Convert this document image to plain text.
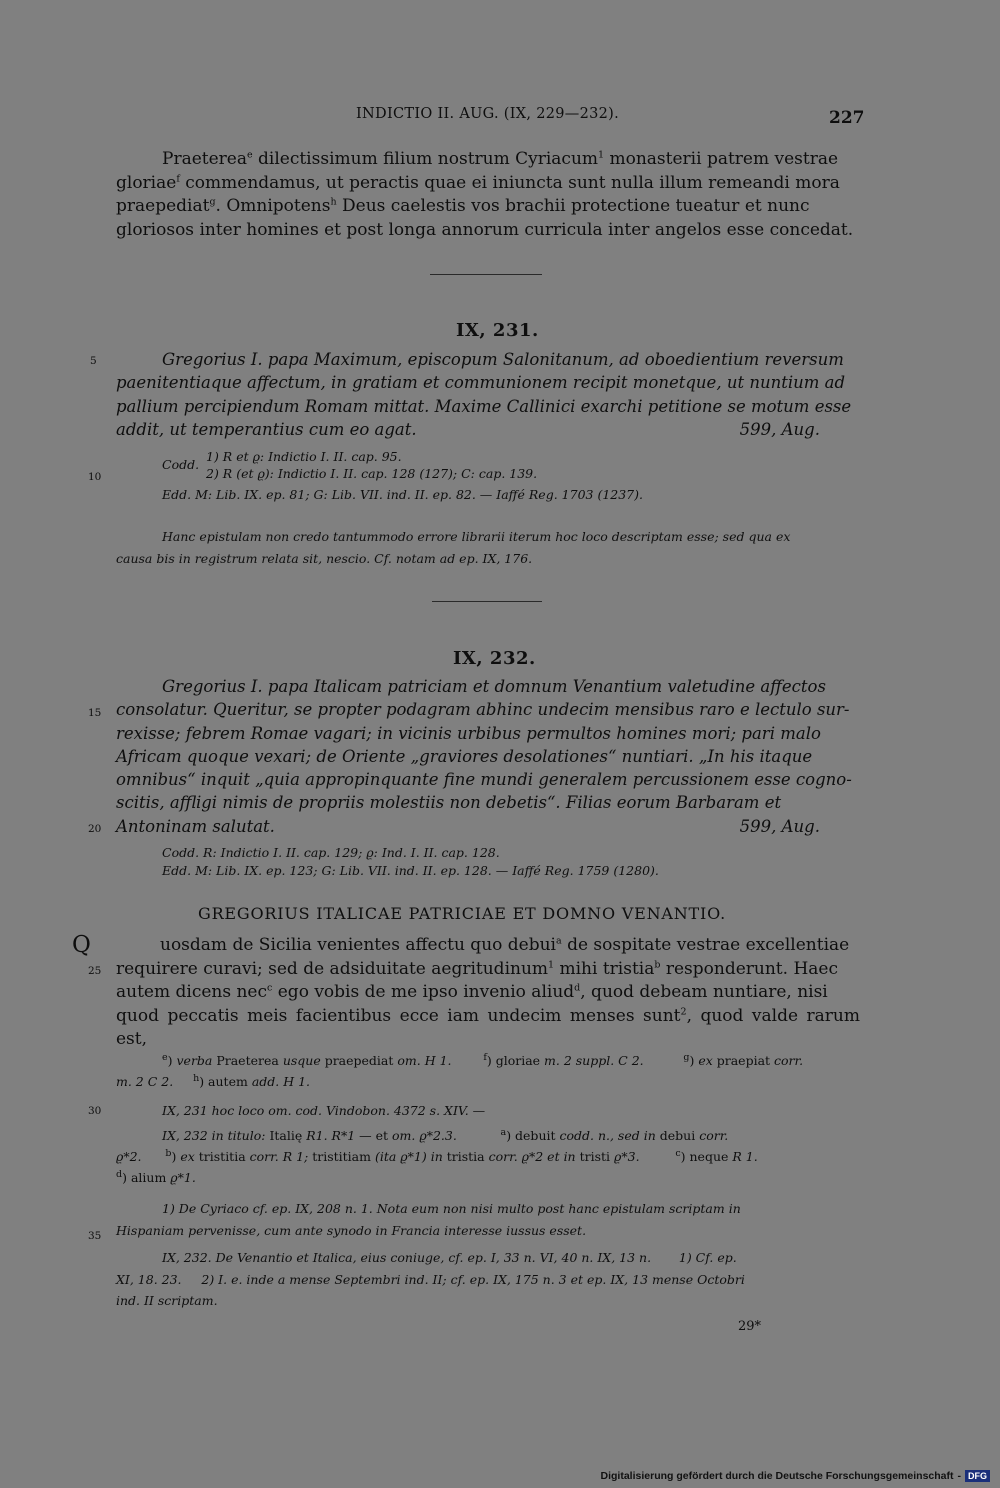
INDICTIO II. AUG. (IX, 229—232).	227
Praeterea$^e$ dilectissimum filium nostrum Cyriacum$^1$ monasterii patrem vestrae
gloriae$^f$ commendamus, ut peractis quae ei iniuncta sunt nulla illum remeandi mora
praepediat$^g$. Omnipotens$^h$ Deus caelestis vos brachii protectione tueatur et nunc
gloriosos inter homines et post longa annorum curricula inter angelos esse concedat.
IX, 231.
Gregorius I. papa Maximum, episcopum Salonitanum, ad oboedientium reversum
paenitentiaque affectum, in gratiam et communionem recipit monetque, ut nuntium ad
pallium percipiendum Romam mittat. Maxime Callinici exarchi petitione se motum esse
addit, ut temperantius cum eo agat.	599, Aug.
Codd.
1) R et ϱ: Indictio I. II. cap. 95.
2) R (et ϱ): Indictio I. II. cap. 128 (127); C: cap. 139.
Edd. M: Lib. IX. ep. 81; G: Lib. VII. ind. II. ep. 82. — Iaffé Reg. 1703 (1237).
Hanc epistulam non credo tantummodo errore librarii iterum hoc loco descriptam esse; sed qua ex
causa bis in registrum relata sit, nescio. Cf. notam ad ep. IX, 176.
IX, 232.
Gregorius I. papa Italicam patriciam et domnum Venantium valetudine affectos
consolatur. Queritur, se propter podagram abhinc undecim mensibus raro e lectulo sur-
rexisse; febrem Romae vagari; in vicinis urbibus permultos homines mori; pari malo
Africam quoque vexari; de Oriente „graviores desolationes“ nuntiari. „In his itaque
omnibus“ inquit „quia appropinquante fine mundi generalem percussionem esse cogno-
scitis, affligi nimis de propriis molestiis non debetis“. Filias eorum Barbaram et
Antoninam salutat.	599, Aug.
Codd. R: Indictio I. II. cap. 129; ϱ: Ind. I. II. cap. 128.
Edd. M: Lib. IX. ep. 123; G: Lib. VII. ind. II. ep. 128. — Iaffé Reg. 1759 (1280).
GREGORIUS ITALICAE PATRICIAE ET DOMNO VENANTIO.
Q	uosdam de Sicilia venientes affectu quo debui$^a$ de sospitate vestrae excellentiae
requirere curavi; sed de adsiduitate aegritudinum$^1$ mihi tristia$^b$ responderunt. Haec
autem dicens nec$^c$ ego vobis de me ipso invenio aliud$^d$, quod debeam nuntiare, nisi
quod peccatis meis facientibus ecce iam undecim menses sunt$^2$, quod valde rarum est,
$^e$) verba Praeterea usque praepediat om. H 1.	$^f$) gloriae m. 2 suppl. C 2.	$^g$) ex praepiat corr.
m. 2 C 2. $^h$) autem add. H 1.
IX, 231 hoc loco om. cod. Vindobon. 4372 s. XIV. —
IX, 232 in titulo: Italię R1. R*1 — et om. ϱ*2.3.	$^a$) debuit codd. n., sed in debui corr.
ϱ*2.	$^b$) ex tristitia corr. R 1; tristitiam (ita ϱ*1) in tristia corr. ϱ*2 et in tristi ϱ*3.	$^c$) neque R 1.
$^d$) alium ϱ*1.
1) De Cyriaco cf. ep. IX, 208 n. 1. Nota eum non nisi multo post hanc epistulam scriptam in
Hispaniam pervenisse, cum ante synodo in Francia interesse iussus esset.
IX, 232. De Venantio et Italica, eius coniuge, cf. ep. I, 33 n. VI, 40 n. IX, 13 n.       1) Cf. ep.
XI, 18. 23.     2) I. e. inde a mense Septembri ind. II; cf. ep. IX, 175 n. 3 et ep. IX, 13 mense Octobri
ind. II scriptam.
29*
5
10
15
20
25
30
35
Digitalisierung gefördert durch die Deutsche Forschungsgemeinschaft - DFG
